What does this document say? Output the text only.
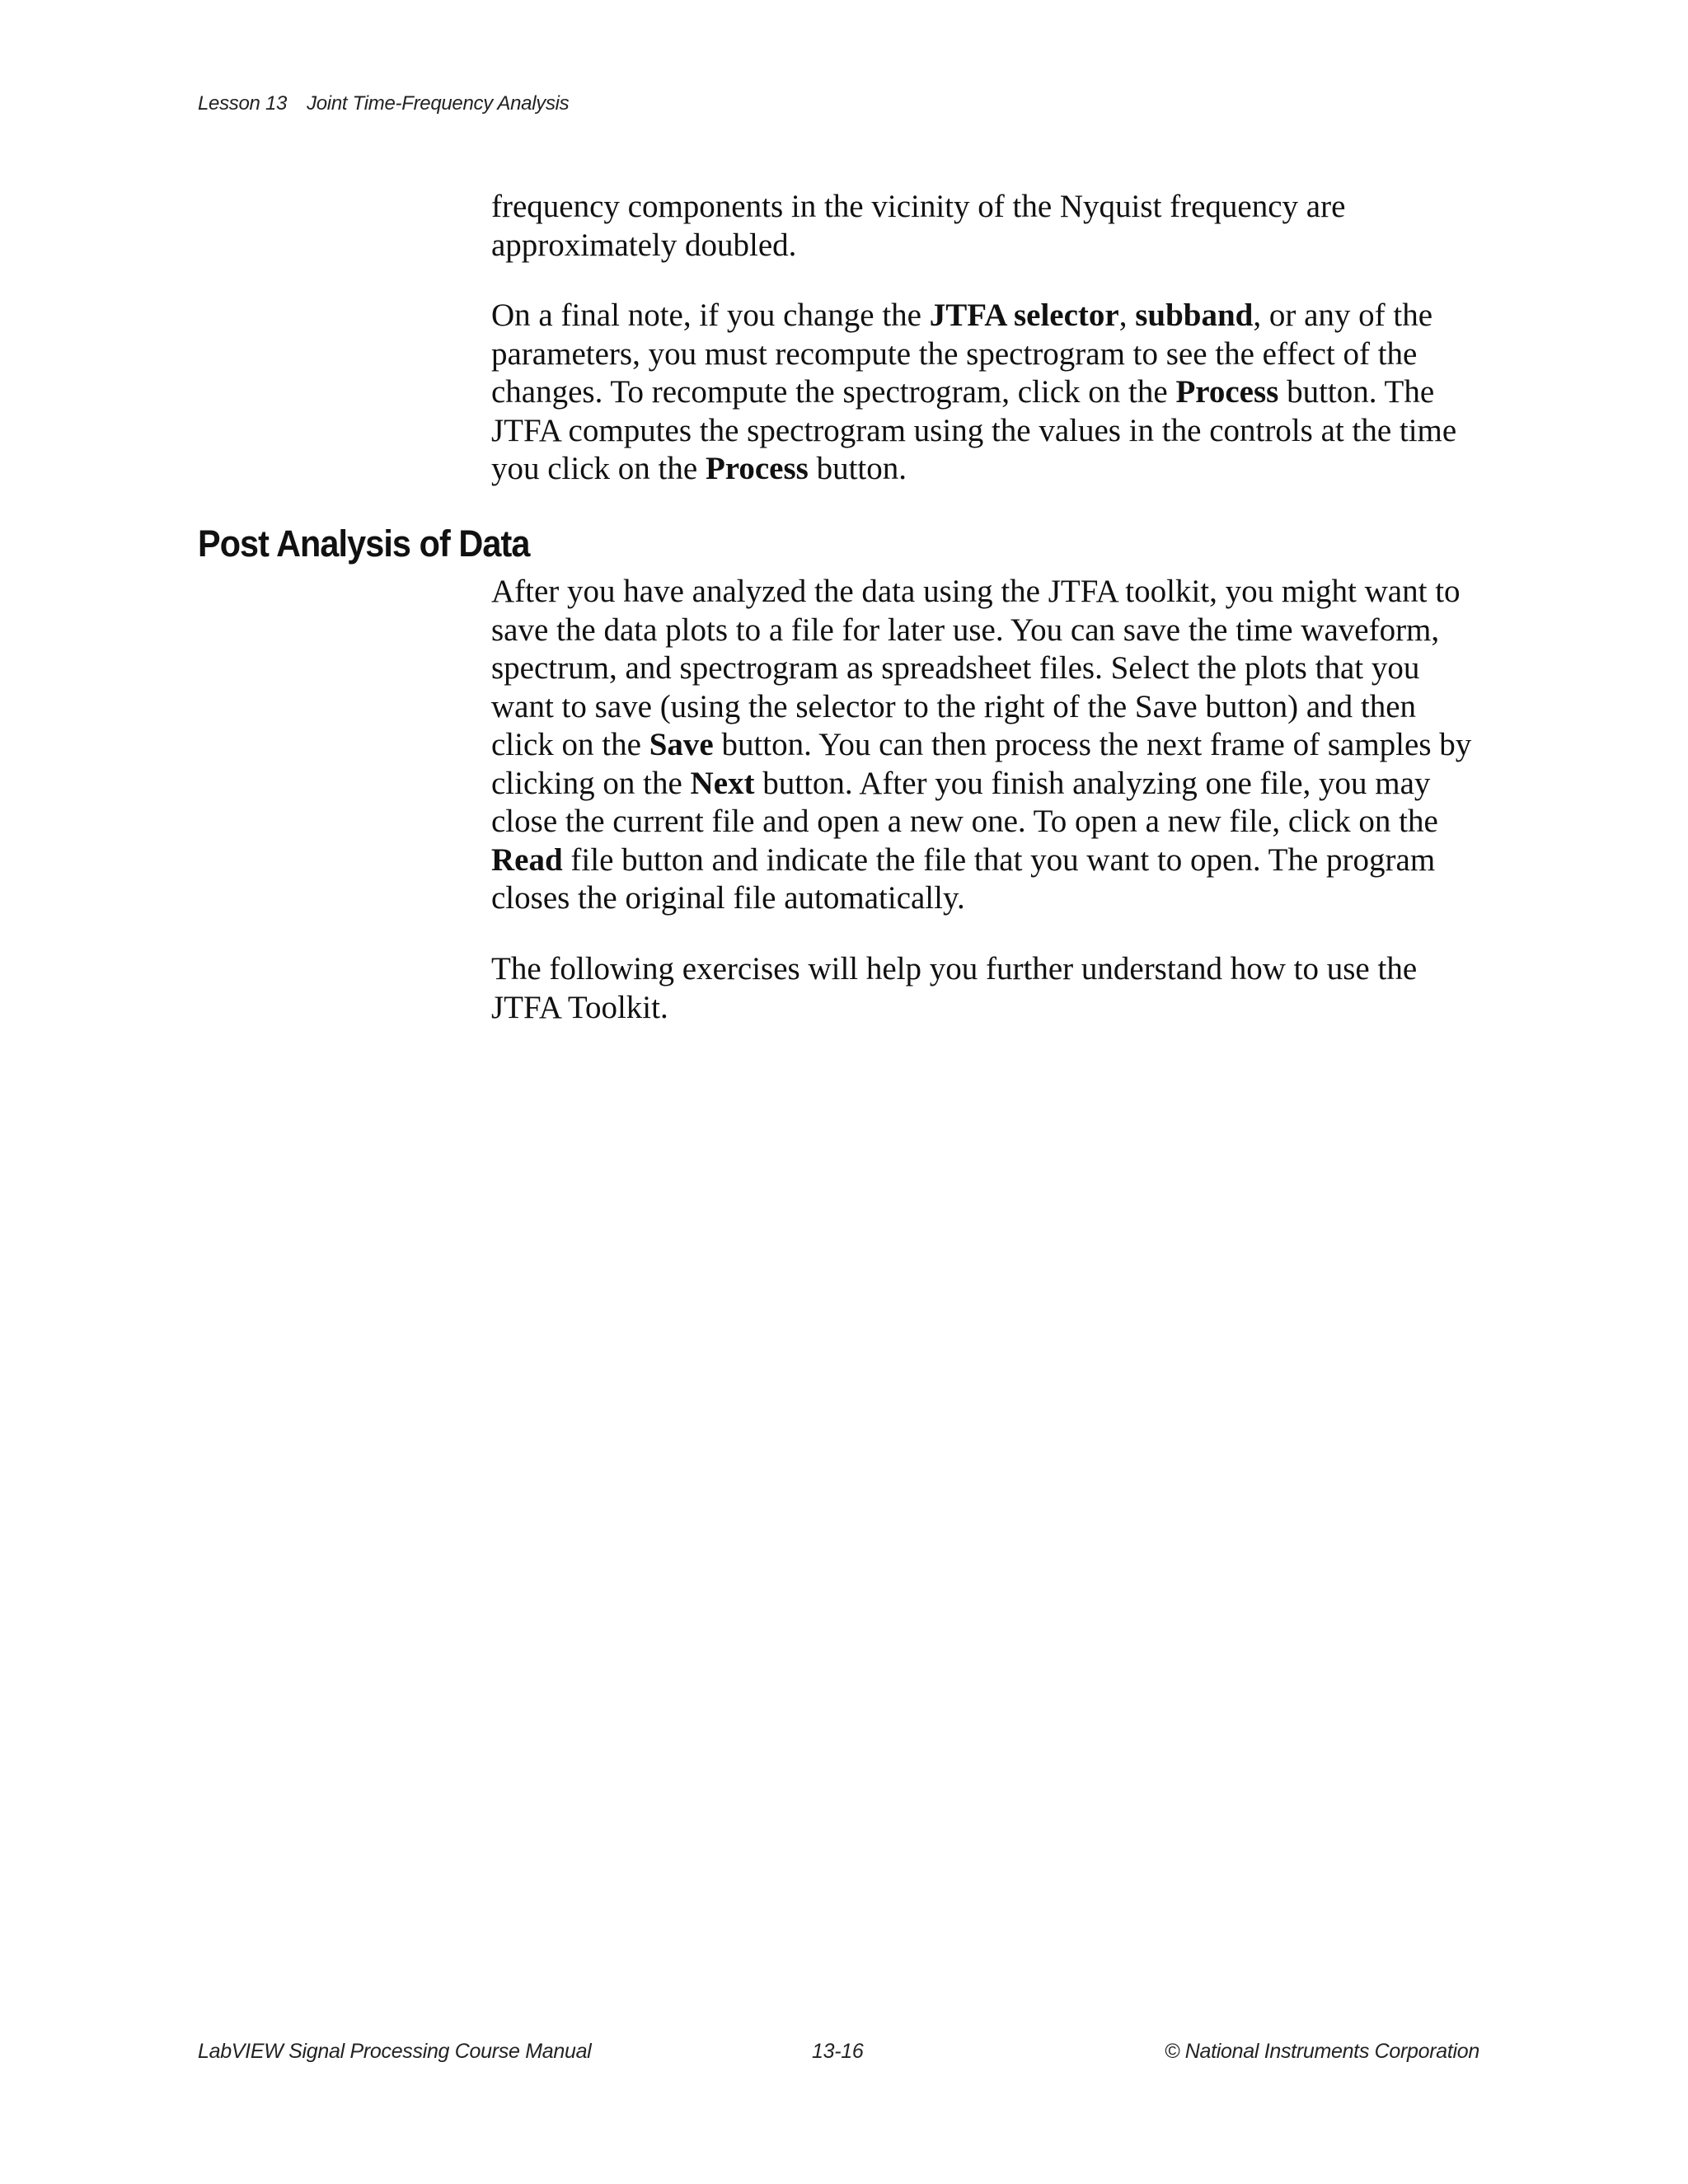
Lesson 13 Joint Time-Frequency Analysis

frequency components in the vicinity of the Nyquist frequency are approximately doubled.

On a final note, if you change the JTFA selector, subband, or any of the parameters, you must recompute the spectrogram to see the effect of the changes. To recompute the spectrogram, click on the Process button. The JTFA computes the spectrogram using the values in the controls at the time you click on the Process button.

Post Analysis of Data

After you have analyzed the data using the JTFA toolkit, you might want to save the data plots to a file for later use. You can save the time waveform, spectrum, and spectrogram as spreadsheet files. Select the plots that you want to save (using the selector to the right of the Save button) and then click on the Save button. You can then process the next frame of samples by clicking on the Next button. After you finish analyzing one file, you may close the current file and open a new one. To open a new file, click on the Read file button and indicate the file that you want to open. The program closes the original file automatically.

The following exercises will help you further understand how to use the JTFA Toolkit.

LabVIEW Signal Processing Course Manual	13-16	© National Instruments Corporation
